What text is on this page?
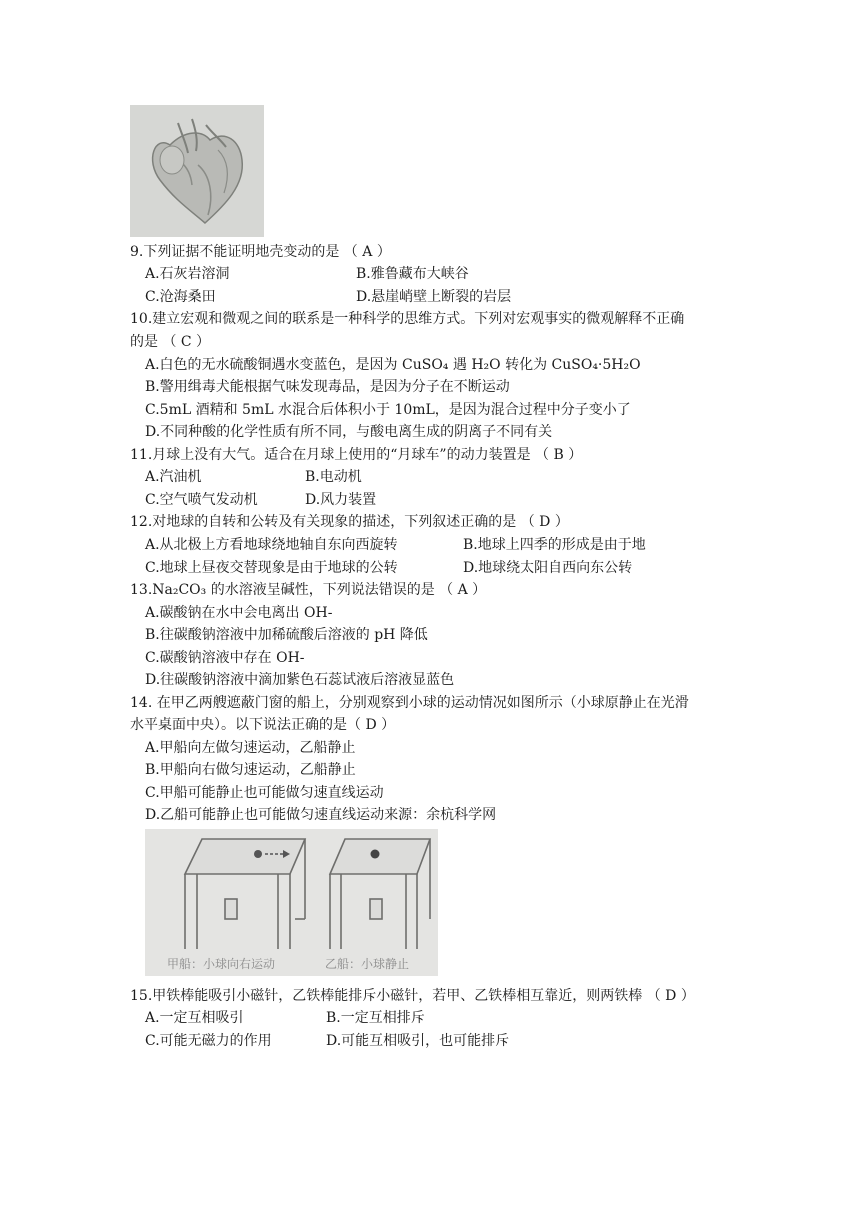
9.下列证据不能证明地壳变动的是 （ A ）
A.石灰岩溶洞	B.雅鲁藏布大峡谷
C.沧海桑田	D.悬崖峭壁上断裂的岩层
10.建立宏观和微观之间的联系是一种科学的思维方式。下列对宏观事实的微观解释不正确
的是 （ C ）
A.白色的无水硫酸铜遇水变蓝色，是因为 CuSO₄ 遇 H₂O 转化为 CuSO₄·5H₂O
B.警用缉毒犬能根据气味发现毒品，是因为分子在不断运动
C.5mL 酒精和 5mL 水混合后体积小于 10mL，是因为混合过程中分子变小了
D.不同种酸的化学性质有所不同，与酸电离生成的阴离子不同有关
11.月球上没有大气。适合在月球上使用的“月球车”的动力装置是 （ B ）
A.汽油机	B.电动机
C.空气喷气发动机	D.风力装置
12.对地球的自转和公转及有关现象的描述，下列叙述正确的是 （ D ）
A.从北极上方看地球绕地轴自东向西旋转	B.地球上四季的形成是由于地
C.地球上昼夜交替现象是由于地球的公转	D.地球绕太阳自西向东公转
13.Na₂CO₃ 的水溶液呈碱性，下列说法错误的是 （ A ）
A.碳酸钠在水中会电离出 OH-
B.往碳酸钠溶液中加稀硫酸后溶液的 pH 降低
C.碳酸钠溶液中存在 OH-
D.往碳酸钠溶液中滴加紫色石蕊试液后溶液显蓝色
14. 在甲乙两艘遮蔽门窗的船上，分别观察到小球的运动情况如图所示（小球原静止在光滑
水平桌面中央）。以下说法正确的是（ D ）
A.甲船向左做匀速运动，乙船静止
B.甲船向右做匀速运动，乙船静止
C.甲船可能静止也可能做匀速直线运动
D.乙船可能静止也可能做匀速直线运动来源：余杭科学网
甲船：小球向右运动	乙船：小球静止
15.甲铁棒能吸引小磁针，乙铁棒能排斥小磁针，若甲、乙铁棒相互靠近，则两铁棒 （ D ）
A.一定互相吸引	B.一定互相排斥
C.可能无磁力的作用	D.可能互相吸引，也可能排斥
